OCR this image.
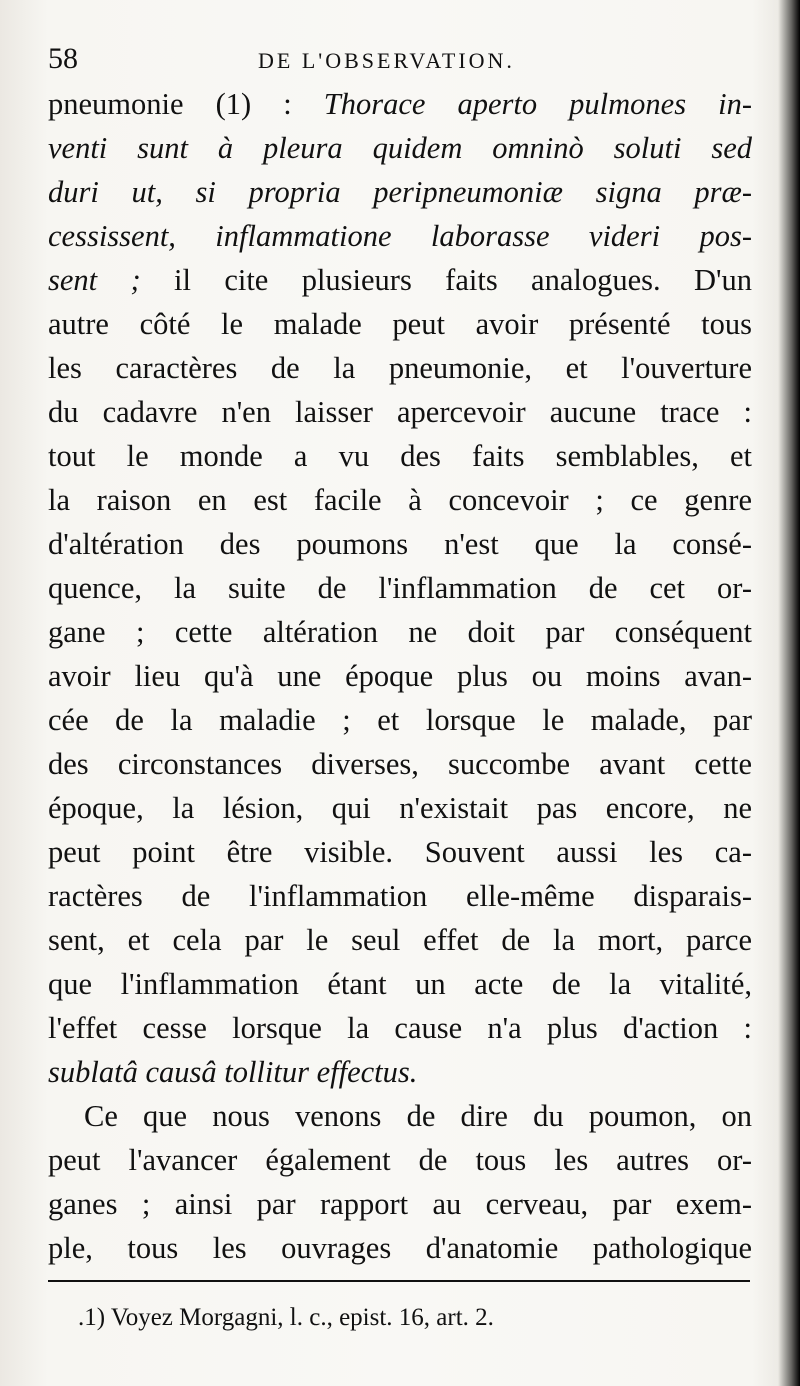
58	DE L'OBSERVATION.
pneumonie (1) : Thorace aperto pulmones in-
venti sunt à pleura quidem omninò soluti sed
duri ut, si propria peripneumoniæ signa præ-
cessissent, inflammatione laborasse videri pos-
sent ; il cite plusieurs faits analogues. D'un
autre côté le malade peut avoir présenté tous
les caractères de la pneumonie, et l'ouverture
du cadavre n'en laisser apercevoir aucune trace :
tout le monde a vu des faits semblables, et
la raison en est facile à concevoir ; ce genre
d'altération des poumons n'est que la consé-
quence, la suite de l'inflammation de cet or-
gane ; cette altération ne doit par conséquent
avoir lieu qu'à une époque plus ou moins avan-
cée de la maladie ; et lorsque le malade, par
des circonstances diverses, succombe avant cette
époque, la lésion, qui n'existait pas encore, ne
peut point être visible. Souvent aussi les ca-
ractères de l'inflammation elle-même disparais-
sent, et cela par le seul effet de la mort, parce
que l'inflammation étant un acte de la vitalité,
l'effet cesse lorsque la cause n'a plus d'action :
sublatâ causâ tollitur effectus.
Ce que nous venons de dire du poumon, on
peut l'avancer également de tous les autres or-
ganes ; ainsi par rapport au cerveau, par exem-
ple, tous les ouvrages d'anatomie pathologique
.1) Voyez Morgagni, l. c., epist. 16, art. 2.
